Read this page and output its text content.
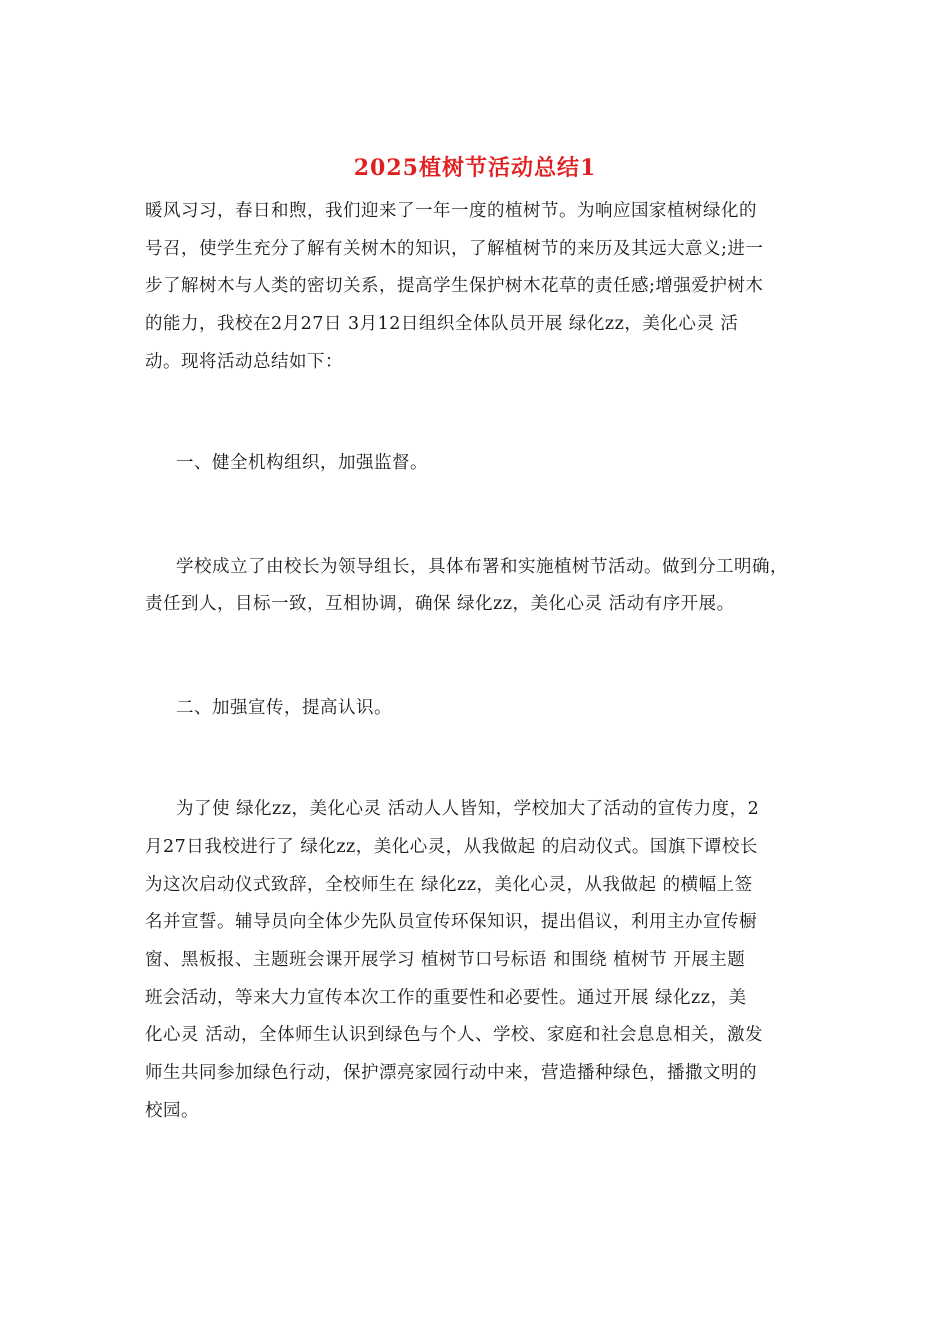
2025植树节活动总结1
暖风习习，春日和煦，我们迎来了一年一度的植树节。为响应国家植树绿化的
号召，使学生充分了解有关树木的知识，了解植树节的来历及其远大意义;进一
步了解树木与人类的密切关系，提高学生保护树木花草的责任感;增强爱护树木
的能力，我校在2月27日 3月12日组织全体队员开展 绿化zz，美化心灵 活
动。现将活动总结如下：
一、健全机构组织，加强监督。
学校成立了由校长为领导组长，具体布署和实施植树节活动。做到分工明确，
责任到人，目标一致，互相协调，确保 绿化zz，美化心灵 活动有序开展。
二、加强宣传，提高认识。
为了使 绿化zz，美化心灵 活动人人皆知，学校加大了活动的宣传力度，2
月27日我校进行了 绿化zz，美化心灵，从我做起 的启动仪式。国旗下谭校长
为这次启动仪式致辞，全校师生在 绿化zz，美化心灵，从我做起 的横幅上签
名并宣誓。辅导员向全体少先队员宣传环保知识，提出倡议，利用主办宣传橱
窗、黑板报、主题班会课开展学习 植树节口号标语 和围绕 植树节 开展主题
班会活动，等来大力宣传本次工作的重要性和必要性。通过开展 绿化zz，美
化心灵 活动，全体师生认识到绿色与个人、学校、家庭和社会息息相关，激发
师生共同参加绿色行动，保护漂亮家园行动中来，营造播种绿色，播撒文明的
校园。
